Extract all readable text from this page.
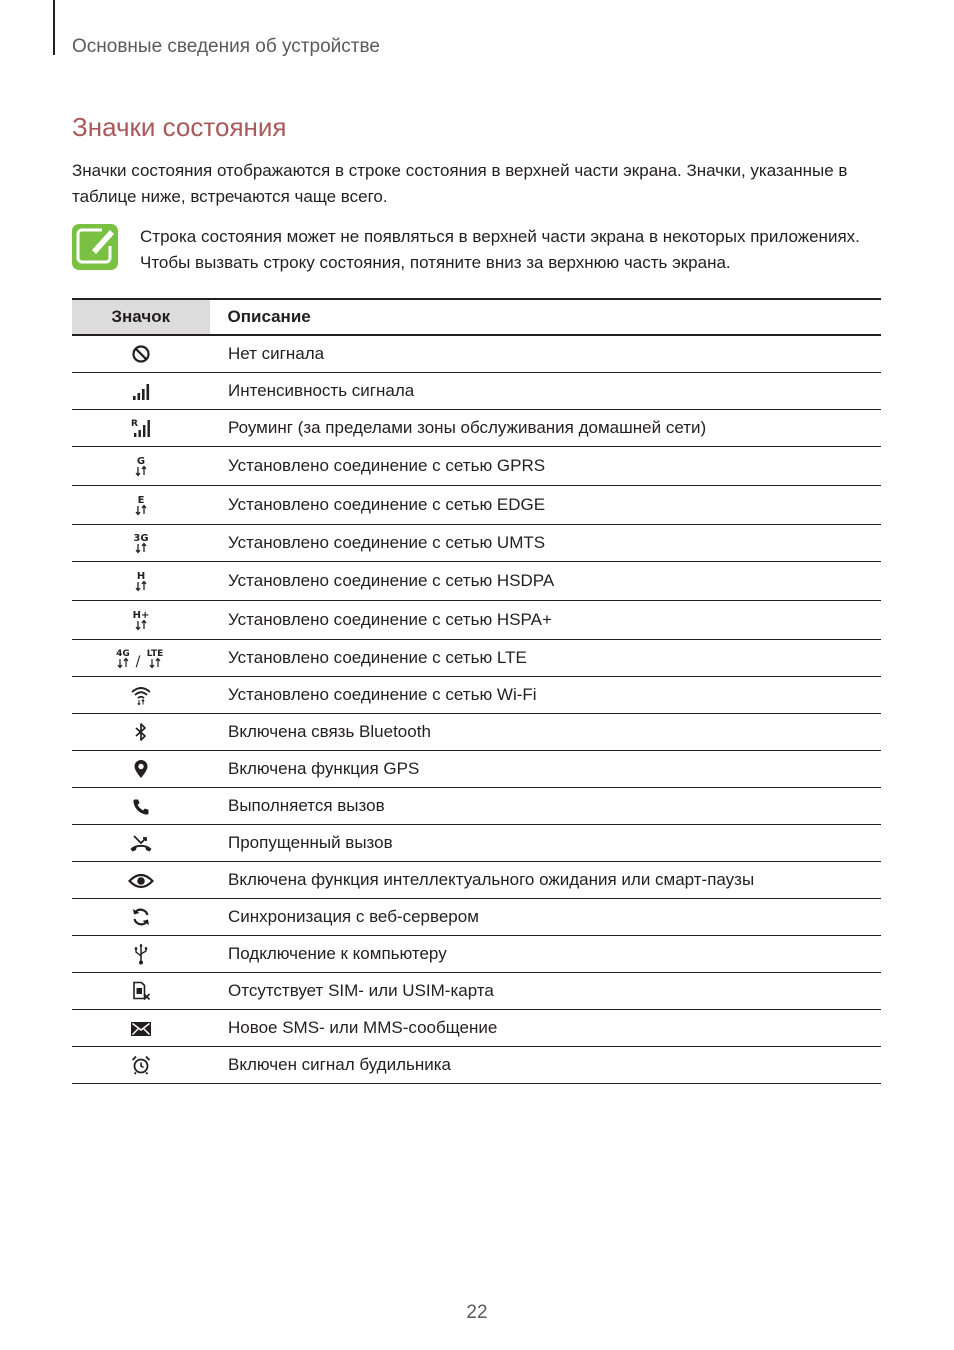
Основные сведения об устройстве
Значки состояния

Значки состояния отображаются в строке состояния в верхней части экрана. Значки, указанные в таблице ниже, встречаются чаще всего.

Строка состояния может не появляться в верхней части экрана в некоторых приложениях. Чтобы вызвать строку состояния, потяните вниз за верхнюю часть экрана.

Значок	Описание
	Нет сигнала
	Интенсивность сигнала

R	Роуминг (за пределами зоны обслуживания домашней сети)

G	Установлено соединение с сетью GPRS

E	Установлено соединение с сетью EDGE

3G	Установлено соединение с сетью UMTS

H	Установлено соединение с сетью HSDPA

H+	Установлено соединение с сетью HSPA+

4G / LTE	Установлено соединение с сетью LTE
	Установлено соединение с сетью Wi-Fi
	Включена связь Bluetooth
	Включена функция GPS
	Выполняется вызов
	Пропущенный вызов
	Включена функция интеллектуального ожидания или смарт-паузы
	Синхронизация с веб-сервером
	Подключение к компьютеру
	Отсутствует SIM- или USIM-карта
	Новое SMS- или MMS-сообщение
	Включен сигнал будильника
22
